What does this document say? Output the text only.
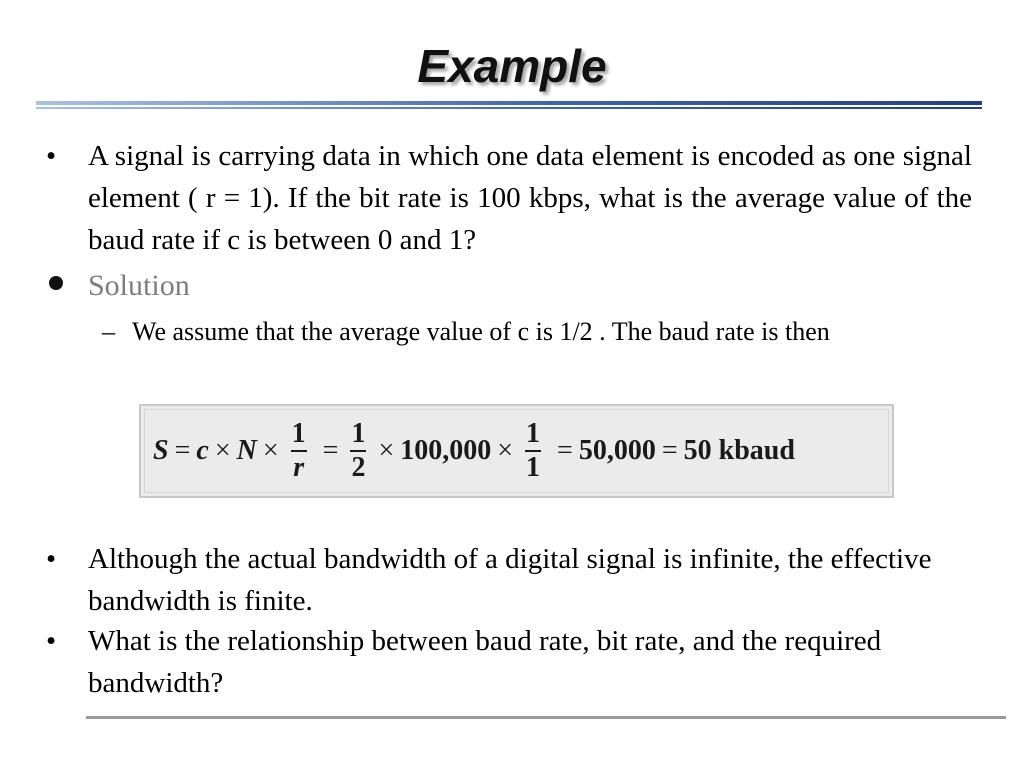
Example
• A signal is carrying data in which one data element is encoded as one signal element ( r = 1). If the bit rate is 100 kbps, what is the average value of the baud rate if c is between 0 and 1?
Solution
– We assume that the average value of c is 1/2 . The baud rate is then
$S = c \times N \times \frac{1}{r} = \frac{1}{2} \times 100,000 \times \frac{1}{1} = 50,000 = 50$ kbaud
• Although the actual bandwidth of a digital signal is infinite, the effective bandwidth is finite.
• What is the relationship between baud rate, bit rate, and the required bandwidth?
